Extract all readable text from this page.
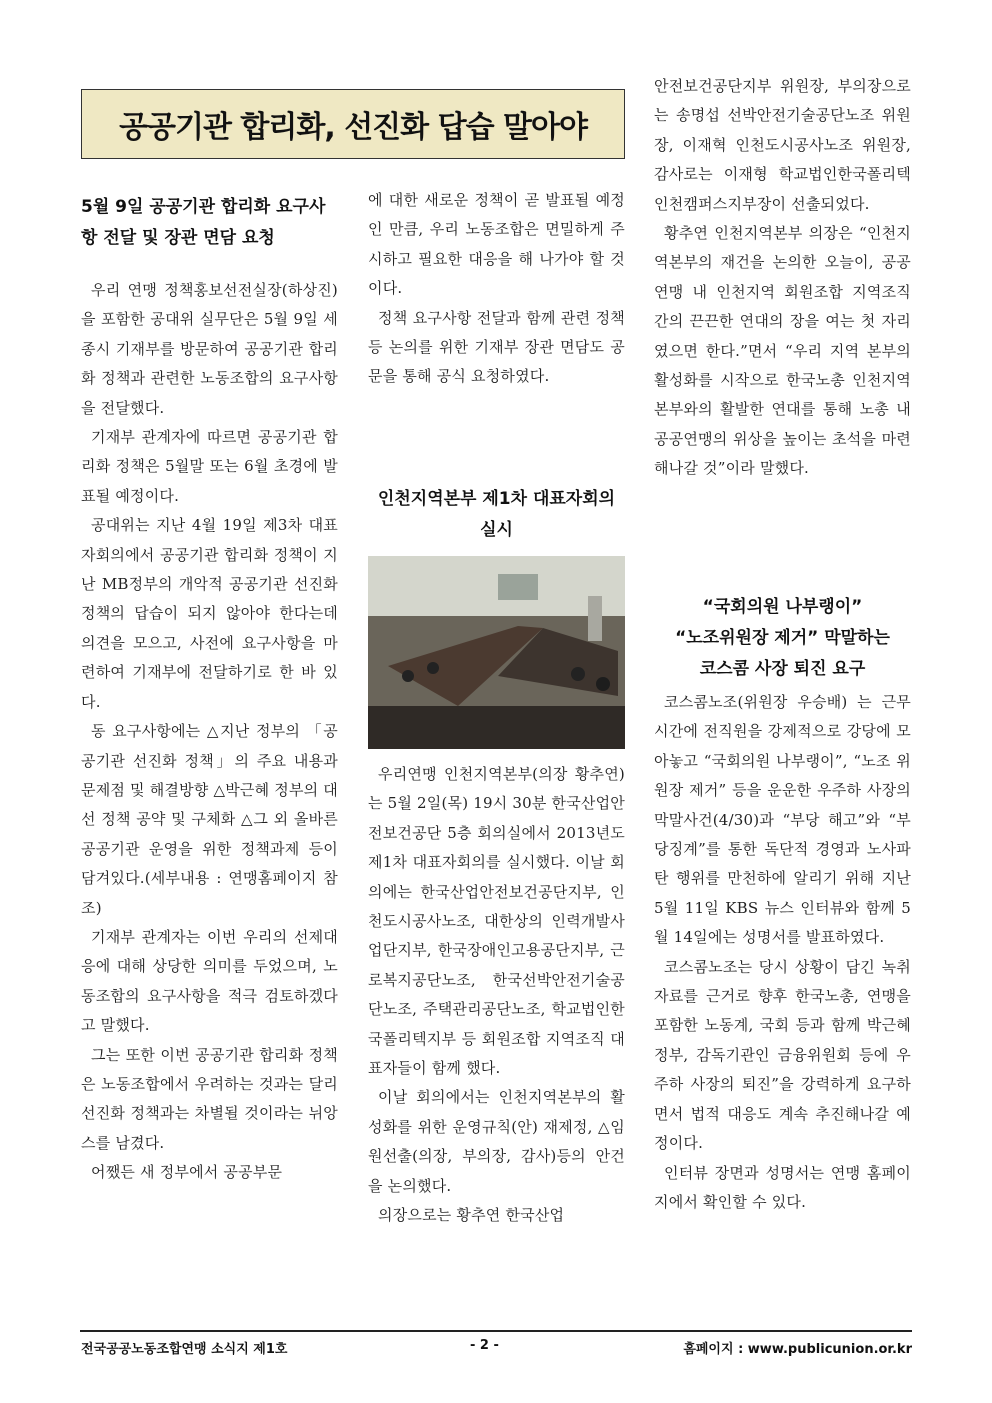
공공기관 합리화, 선진화 답습 말아야

5월 9일 공공기관 합리화 요구사항 전달 및 장관 면담 요청

우리 연맹 정책홍보선전실장(하상진)을 포함한 공대위 실무단은 5월 9일 세종시 기재부를 방문하여 공공기관 합리화 정책과 관련한 노동조합의 요구사항을 전달했다.

기재부 관계자에 따르면 공공기관 합리화 정책은 5월말 또는 6월 초경에 발표될 예정이다.

공대위는 지난 4월 19일 제3차 대표자회의에서 공공기관 합리화 정책이 지난 MB정부의 개악적 공공기관 선진화 정책의 답습이 되지 않아야 한다는데 의견을 모으고, 사전에 요구사항을 마련하여 기재부에 전달하기로 한 바 있다.

동 요구사항에는 △지난 정부의 「공공기관 선진화 정책」의 주요 내용과 문제점 및 해결방향 △박근혜 정부의 대선 정책 공약 및 구체화 △그 외 올바른 공공기관 운영을 위한 정책과제 등이 담겨있다.(세부내용 : 연맹홈페이지 참조)

기재부 관계자는 이번 우리의 선제대응에 대해 상당한 의미를 두었으며, 노동조합의 요구사항을 적극 검토하겠다고 말했다.

그는 또한 이번 공공기관 합리화 정책은 노동조합에서 우려하는 것과는 달리 선진화 정책과는 차별될 것이라는 뉘앙스를 남겼다.

어쨌든 새 정부에서 공공부문

에 대한 새로운 정책이 곧 발표될 예정인 만큼, 우리 노동조합은 면밀하게 주시하고 필요한 대응을 해 나가야 할 것이다.

정책 요구사항 전달과 함께 관련 정책 등 논의를 위한 기재부 장관 면담도 공문을 통해 공식 요청하였다.

인천지역본부 제1차 대표자회의 실시

우리연맹 인천지역본부(의장 황추연)는 5월 2일(목) 19시 30분 한국산업안전보건공단 5층 회의실에서 2013년도 제1차 대표자회의를 실시했다. 이날 회의에는 한국산업안전보건공단지부, 인천도시공사노조, 대한상의 인력개발사업단지부, 한국장애인고용공단지부, 근로복지공단노조, 한국선박안전기술공단노조, 주택관리공단노조, 학교법인한국폴리텍지부 등 회원조합 지역조직 대표자들이 함께 했다.

이날 회의에서는 인천지역본부의 활성화를 위한 운영규칙(안) 재제정, △임원선출(의장, 부의장, 감사)등의 안건을 논의했다.

의장으로는 황추연 한국산업

안전보건공단지부 위원장, 부의장으로는 송명섭 선박안전기술공단노조 위원장, 이재혁 인천도시공사노조 위원장, 감사로는 이재형 학교법인한국폴리텍 인천캠퍼스지부장이 선출되었다.

황추연 인천지역본부 의장은 “인천지역본부의 재건을 논의한 오늘이, 공공연맹 내 인천지역 회원조합 지역조직 간의 끈끈한 연대의 장을 여는 첫 자리였으면 한다.”면서 “우리 지역 본부의 활성화를 시작으로 한국노총 인천지역본부와의 활발한 연대를 통해 노총 내 공공연맹의 위상을 높이는 초석을 마련해나갈 것”이라 말했다.

“국회의원 나부랭이”

“노조위원장 제거” 막말하는

코스콤 사장 퇴진 요구

코스콤노조(위원장 우승배) 는 근무시간에 전직원을 강제적으로 강당에 모아놓고 “국회의원 나부랭이”, “노조 위원장 제거” 등을 운운한 우주하 사장의 막말사건(4/30)과 “부당 해고”와 “부당징계”를 통한 독단적 경영과 노사파탄 행위를 만천하에 알리기 위해 지난 5월 11일 KBS 뉴스 인터뷰와 함께 5월 14일에는 성명서를 발표하였다.

코스콤노조는 당시 상황이 담긴 녹취자료를 근거로 향후 한국노총, 연맹을 포함한 노동계, 국회 등과 함께 박근혜 정부, 감독기관인 금융위원회 등에 우주하 사장의 퇴진”을 강력하게 요구하면서 법적 대응도 계속 추진해나갈 예정이다.

인터뷰 장면과 성명서는 연맹 홈페이지에서 확인할 수 있다.

전국공공노동조합연맹 소식지 제1호	- 2 -	홈페이지 : www.publicunion.or.kr
